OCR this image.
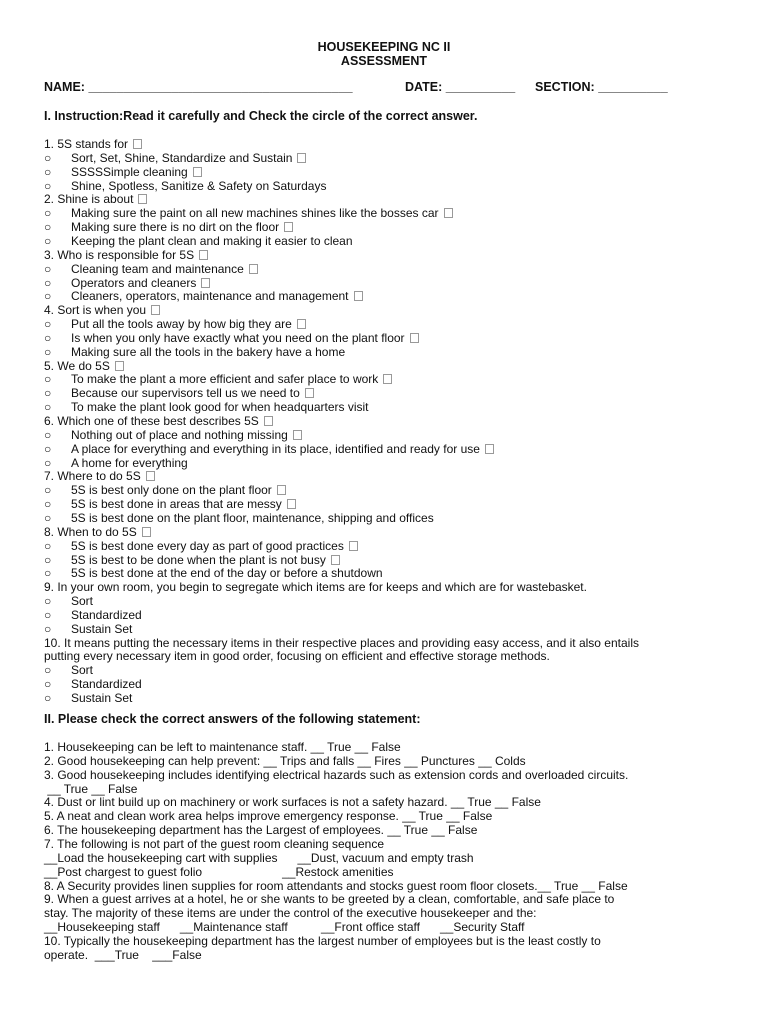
HOUSEKEEPING NC II
ASSESSMENT
NAME: ______________________________________	DATE: __________ SECTION: __________
I. Instruction:Read it carefully and Check the circle of the correct answer.
1. 5S stands for
○ Sort, Set, Shine, Standardize and Sustain
○ SSSSSimple cleaning
○ Shine, Spotless, Sanitize & Safety on Saturdays
2. Shine is about
○ Making sure the paint on all new machines shines like the bosses car
○ Making sure there is no dirt on the floor
○ Keeping the plant clean and making it easier to clean
3. Who is responsible for 5S
○ Cleaning team and maintenance
○ Operators and cleaners
○ Cleaners, operators, maintenance and management
4. Sort is when you
○ Put all the tools away by how big they are
○ Is when you only have exactly what you need on the plant floor
○ Making sure all the tools in the bakery have a home
5. We do 5S
○ To make the plant a more efficient and safer place to work
○ Because our supervisors tell us we need to
○ To make the plant look good for when headquarters visit
6. Which one of these best describes 5S
○ Nothing out of place and nothing missing
○ A place for everything and everything in its place, identified and ready for use
○ A home for everything
7. Where to do 5S
○ 5S is best only done on the plant floor
○ 5S is best done in areas that are messy
○ 5S is best done on the plant floor, maintenance, shipping and offices
8. When to do 5S
○ 5S is best done every day as part of good practices
○ 5S is best to be done when the plant is not busy
○ 5S is best done at the end of the day or before a shutdown
9. In your own room, you begin to segregate which items are for keeps and which are for wastebasket.
○ Sort
○ Standardized
○ Sustain Set
10. It means putting the necessary items in their respective places and providing easy access, and it also entails
putting every necessary item in good order, focusing on efficient and effective storage methods.
○ Sort
○ Standardized
○ Sustain Set
II. Please check the correct answers of the following statement:
1. Housekeeping can be left to maintenance staff. __ True __ False
2. Good housekeeping can help prevent: __ Trips and falls __ Fires __ Punctures __ Colds
3. Good housekeeping includes identifying electrical hazards such as extension cords and overloaded circuits.
__ True __ False
4. Dust or lint build up on machinery or work surfaces is not a safety hazard. __ True __ False
5. A neat and clean work area helps improve emergency response. __ True __ False
6. The housekeeping department has the Largest of employees. __ True __ False
7. The following is not part of the guest room cleaning sequence
__Load the housekeeping cart with supplies      __Dust, vacuum and empty trash
__Post chargest to guest folio                        __Restock amenities
8. A Security provides linen supplies for room attendants and stocks guest room floor closets.__ True __ False
9. When a guest arrives at a hotel, he or she wants to be greeted by a clean, comfortable, and safe place to
stay. The majority of these items are under the control of the executive housekeeper and the:
__Housekeeping staff      __Maintenance staff          __Front office staff      __Security Staff
10. Typically the housekeeping department has the largest number of employees but is the least costly to
operate.  ___True    ___False
